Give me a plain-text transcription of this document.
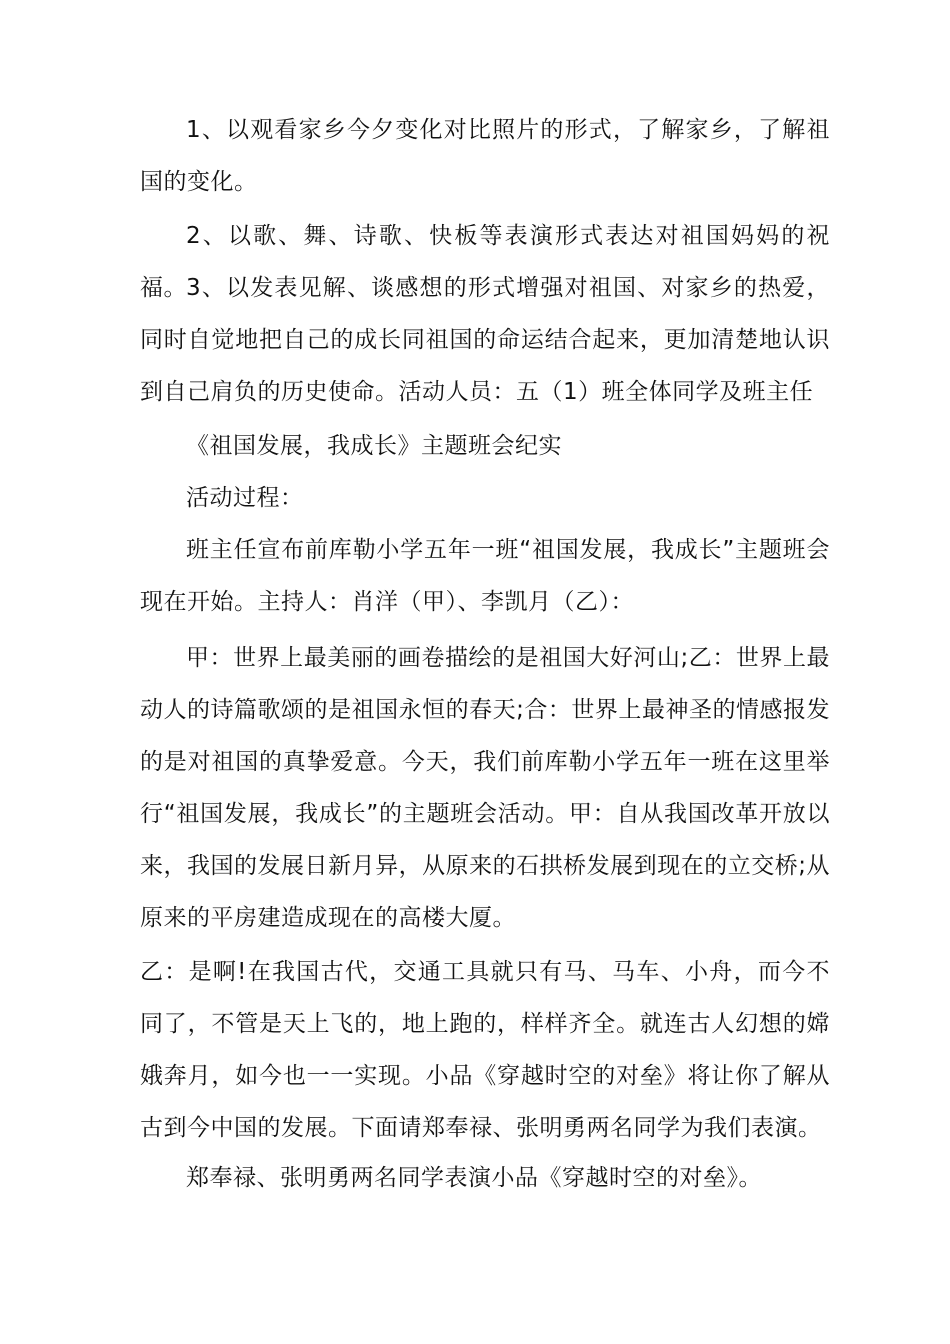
1、以观看家乡今夕变化对比照片的形式，了解家乡，了解祖国的变化。

2、以歌、舞、诗歌、快板等表演形式表达对祖国妈妈的祝福。 3、以发表见解、谈感想的形式增强对祖国、对家乡的热爱，同时自觉地把自己的成长同祖国的命运结合起来，更加清楚地认识到自己肩负的历史使命。活动人员：五（1）班全体同学及班主任

《祖国发展，我成长》主题班会纪实

活动过程：

班主任宣布前库勒小学五年一班“祖国发展，我成长”主题班会现在开始。主持人：肖洋（甲）、李凯月（乙）：

甲：世界上最美丽的画卷描绘的是祖国大好河山;乙：世界上最动人的诗篇歌颂的是祖国永恒的春天;合：世界上最神圣的情感报发的是对祖国的真挚爱意。今天，我们前库勒小学五年一班在这里举行“祖国发展，我成长”的主题班会活动。甲：自从我国改革开放以来，我国的发展日新月异，从原来的石拱桥发展到现在的立交桥;从原来的平房建造成现在的高楼大厦。

乙：是啊!在我国古代，交通工具就只有马、马车、小舟，而今不同了，不管是天上飞的，地上跑的，样样齐全。就连古人幻想的嫦娥奔月，如今也一一实现。小品《穿越时空的对垒》将让你了解从古到今中国的发展。下面请郑奉禄、张明勇两名同学为我们表演。

郑奉禄、张明勇两名同学表演小品《穿越时空的对垒》。
